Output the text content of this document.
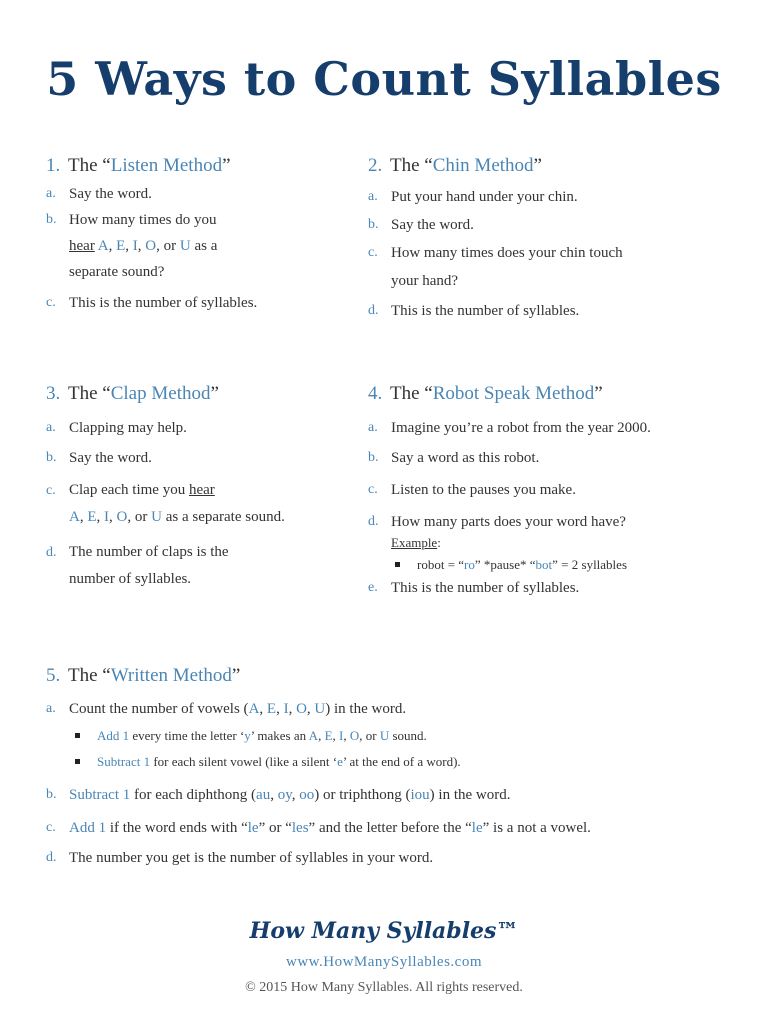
5 Ways to Count Syllables
1. The “Listen Method”
a. Say the word.
b. How many times do you
hear A, E, I, O, or U as a
separate sound?
c. This is the number of syllables.
2. The “Chin Method”
a. Put your hand under your chin.
b. Say the word.
c. How many times does your chin touch
your hand?
d. This is the number of syllables.
3. The “Clap Method”
a. Clapping may help.
b. Say the word.
c. Clap each time you hear
A, E, I, O, or U as a separate sound.
d. The number of claps is the
number of syllables.
4. The “Robot Speak Method”
a. Imagine you’re a robot from the year 2000.
b. Say a word as this robot.
c. Listen to the pauses you make.
d. How many parts does your word have?
Example:
robot = “ro” *pause* “bot” = 2 syllables
e. This is the number of syllables.
5. The “Written Method”
a. Count the number of vowels (A, E, I, O, U) in the word.
Add 1 every time the letter ‘y’ makes an A, E, I, O, or U sound.
Subtract 1 for each silent vowel (like a silent ‘e’ at the end of a word).
b. Subtract 1 for each diphthong (au, oy, oo) or triphthong (iou) in the word.
c. Add 1 if the word ends with “le” or “les” and the letter before the “le” is a not a vowel.
d. The number you get is the number of syllables in your word.
How Many Syllables™
www.HowManySyllables.com
© 2015 How Many Syllables. All rights reserved.
